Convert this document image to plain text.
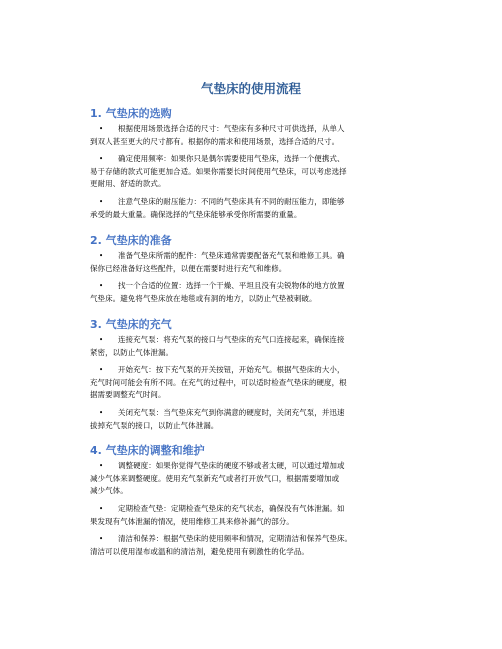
气垫床的使用流程
1. 气垫床的选购
•	根据使用场景选择合适的尺寸：气垫床有多种尺寸可供选择，从单人
到双人甚至更大的尺寸都有。根据你的需求和使用场景，选择合适的尺寸。
•	确定使用频率：如果你只是偶尔需要使用气垫床，选择一个便携式、
易于存储的款式可能更加合适。如果你需要长时间使用气垫床，可以考虑选择
更耐用、舒适的款式。
•	注意气垫床的耐压能力：不同的气垫床具有不同的耐压能力，即能够
承受的最大重量。确保选择的气垫床能够承受你所需要的重量。
2. 气垫床的准备
•	准备气垫床所需的配件：气垫床通常需要配备充气泵和维修工具。确
保你已经准备好这些配件，以便在需要时进行充气和维修。
•	找一个合适的位置：选择一个干燥、平坦且没有尖锐物体的地方放置
气垫床。避免将气垫床放在地毯或有洞的地方，以防止气垫被刺破。
3. 气垫床的充气
•	连接充气泵：将充气泵的接口与气垫床的充气口连接起来，确保连接
紧密，以防止气体泄漏。
•	开始充气：按下充气泵的开关按钮，开始充气。根据气垫床的大小，
充气时间可能会有所不同。在充气的过程中，可以适时检查气垫床的硬度，根
据需要调整充气时间。
•	关闭充气泵：当气垫床充气到你满意的硬度时，关闭充气泵，并迅速
拔掉充气泵的接口，以防止气体泄漏。
4. 气垫床的调整和维护
•	调整硬度：如果你觉得气垫床的硬度不够或者太硬，可以通过增加或
减少气体来调整硬度。使用充气泵新充气或者打开放气口，根据需要增加或
减少气体。
•	定期检查气垫：定期检查气垫床的充气状态，确保没有气体泄漏。如
果发现有气体泄漏的情况，使用维修工具来修补漏气的部分。
•	清洁和保养：根据气垫床的使用频率和情况，定期清洁和保养气垫床。
清洁可以使用湿布或温和的清洁剂，避免使用有刺激性的化学品。
